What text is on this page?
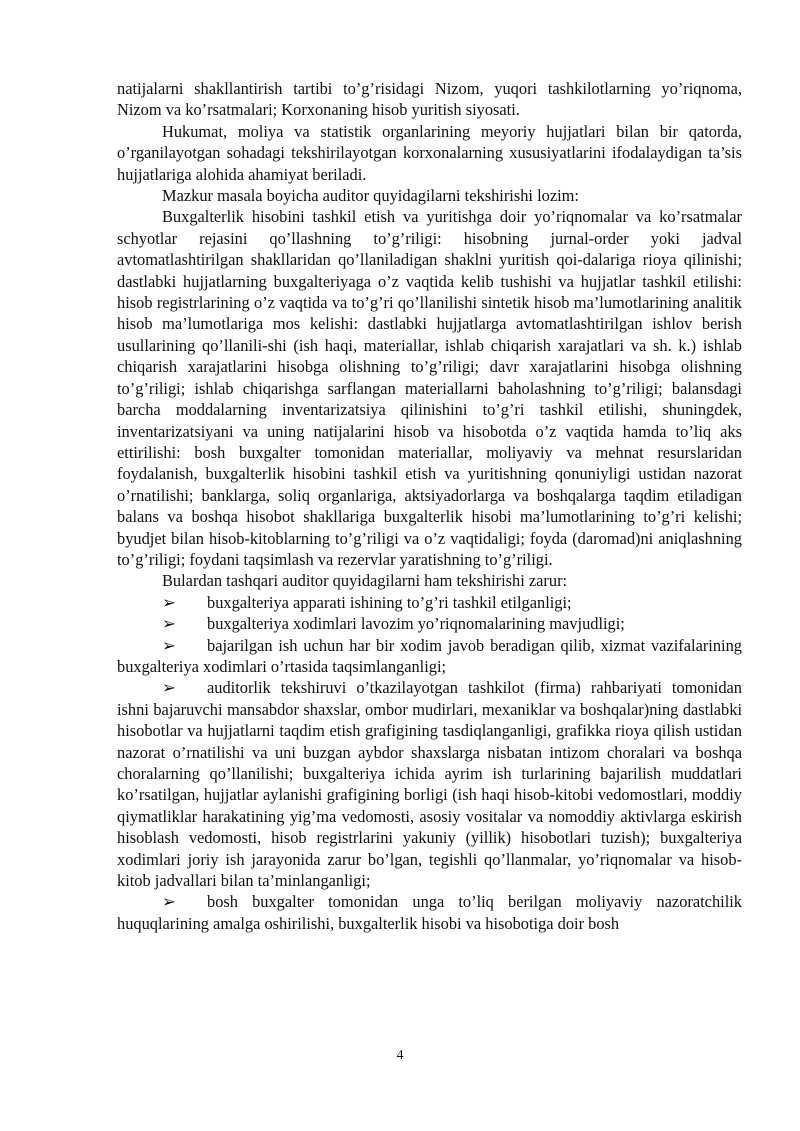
natijalarni shakllantirish tartibi to’g’risidagi Nizom, yuqori tashkilotlarning yo’riqnoma, Nizom va ko’rsatmalari; Korxonaning hisob yuritish siyosati.

Hukumat, moliya va statistik organlarining meyoriy hujjatlari bilan bir qatorda, o’rganilayotgan sohadagi tekshirilayotgan korxonalarning xususiyatlarini ifodalaydigan ta’sis hujjatlariga alohida ahamiyat beriladi.

Mazkur masala boyicha auditor quyidagilarni tekshirishi lozim:

Buxgalterlik hisobini tashkil etish va yuritishga doir yo’riqnomalar va ko’rsatmalar schyotlar rejasini qo’llashning to’g’riligi: hisobning jurnal-order yoki jadval avtomatlashtirilgan shakllaridan qo’llaniladigan shaklni yuritish qoi-dalariga rioya qilinishi; dastlabki hujjatlarning buxgalteriyaga o’z vaqtida kelib tushishi va hujjatlar tashkil etilishi: hisob registrlarining o’z vaqtida va to’g’ri qo’llanilishi sintetik hisob ma’lumotlarining analitik hisob ma’lumotlariga mos kelishi: dastlabki hujjatlarga avtomatlashtirilgan ishlov berish usullarining qo’llanili-shi (ish haqi, materiallar, ishlab chiqarish xarajatlari va sh. k.) ishlab chiqarish xarajatlarini hisobga olishning to’g’riligi; davr xarajatlarini hisobga olishning to’g’riligi; ishlab chiqarishga sarflangan materiallarni baholashning to’g’riligi; balansdagi barcha moddalarning inventarizatsiya qilinishini to’g’ri tashkil etilishi, shuningdek, inventarizatsiyani va uning natijalarini hisob va hisobotda o’z vaqtida hamda to’liq aks ettirilishi: bosh buxgalter tomonidan materiallar, moliyaviy va mehnat resurslaridan foydalanish, buxgalterlik hisobini tashkil etish va yuritishning qonuniyligi ustidan nazorat o’rnatilishi; banklarga, soliq organlariga, aktsiyadorlarga va boshqalarga taqdim etiladigan balans va boshqa hisobot shakllariga buxgalterlik hisobi ma’lumotlarining to’g’ri kelishi; byudjet bilan hisob-kitoblarning to’g’riligi va o’z vaqtidaligi; foyda (daromad)ni aniqlashning to’g’riligi; foydani taqsimlash va rezervlar yaratishning to’g’riligi.

Bulardan tashqari auditor quyidagilarni ham tekshirishi zarur:

➢ buxgalteriya apparati ishining to’g’ri tashkil etilganligi;

➢ buxgalteriya xodimlari lavozim yo’riqnomalarining mavjudligi;

➢ bajarilgan ish uchun har bir xodim javob beradigan qilib, xizmat vazifalarining buxgalteriya xodimlari o’rtasida taqsimlanganligi;

➢ auditorlik tekshiruvi o’tkazilayotgan tashkilot (firma) rahbariyati tomonidan ishni bajaruvchi mansabdor shaxslar, ombor mudirlari, mexaniklar va boshqalar)ning dastlabki hisobotlar va hujjatlarni taqdim etish grafigining tasdiqlanganligi, grafikka rioya qilish ustidan nazorat o’rnatilishi va uni buzgan aybdor shaxslarga nisbatan intizom choralari va boshqa choralarning qo’llanilishi; buxgalteriya ichida ayrim ish turlarining bajarilish muddatlari ko’rsatilgan, hujjatlar aylanishi grafigining borligi (ish haqi hisob-kitobi vedomostlari, moddiy qiymatliklar harakatining yig’ma vedomosti, asosiy vositalar va nomoddiy aktivlarga eskirish hisoblash vedomosti, hisob registrlarini yakuniy (yillik) hisobotlari tuzish); buxgalteriya xodimlari joriy ish jarayonida zarur bo’lgan, tegishli qo’llanmalar, yo’riqnomalar va hisob-kitob jadvallari bilan ta’minlanganligi;

➢ bosh buxgalter tomonidan unga to’liq berilgan moliyaviy nazoratchilik huquqlarining amalga oshirilishi, buxgalterlik hisobi va hisobotiga doir bosh

4
